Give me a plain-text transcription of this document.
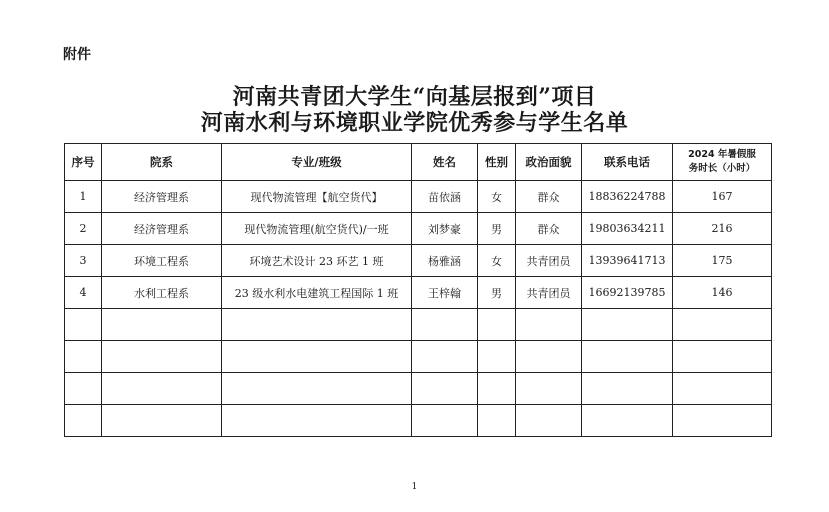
附件
河南共青团大学生“向基层报到”项目
河南水利与环境职业学院优秀参与学生名单
序号	院系	专业/班级	姓名	性别	政治面貌	联系电话	2024 年暑假服
务时长（小时）
1	经济管理系	现代物流管理【航空货代】	苗依涵	女	群众	18836224788	167
2	经济管理系	现代物流管理(航空货代)/一班	刘梦豪	男	群众	19803634211	216
3	环境工程系	环境艺术设计 23 环艺 1 班	杨雅涵	女	共青团员	13939641713	175
4	水利工程系	23 级水利水电建筑工程国际 1 班	王梓翰	男	共青团员	16692139785	146

1
